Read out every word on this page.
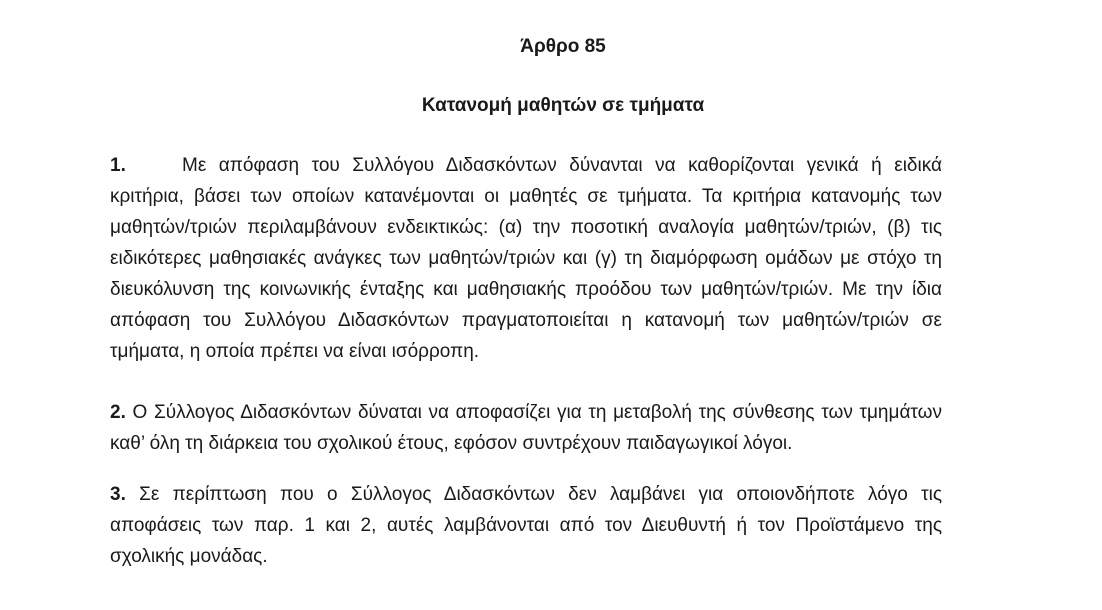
Άρθρο 85
Κατανομή μαθητών σε τμήματα

1.	Με απόφαση του Συλλόγου Διδασκόντων δύνανται να καθορίζονται γενικά ή ειδικά κριτήρια, βάσει των οποίων κατανέμονται οι μαθητές σε τμήματα. Τα κριτήρια κατανομής των μαθητών/τριών περιλαμβάνουν ενδεικτικώς: (α) την ποσοτική αναλογία μαθητών/τριών, (β) τις ειδικότερες μαθησιακές ανάγκες των μαθητών/τριών και (γ) τη διαμόρφωση ομάδων με στόχο τη διευκόλυνση της κοινωνικής ένταξης και μαθησιακής προόδου των μαθητών/τριών. Με την ίδια απόφαση του Συλλόγου Διδασκόντων πραγματοποιείται η κατανομή των μαθητών/τριών σε τμήματα, η οποία πρέπει να είναι ισόρροπη.

2. Ο Σύλλογος Διδασκόντων δύναται να αποφασίζει για τη μεταβολή της σύνθεσης των τμημάτων καθ’ όλη τη διάρκεια του σχολικού έτους, εφόσον συντρέχουν παιδαγωγικοί λόγοι.

3. Σε περίπτωση που ο Σύλλογος Διδασκόντων δεν λαμβάνει για οποιονδήποτε λόγο τις αποφάσεις των παρ. 1 και 2, αυτές λαμβάνονται από τον Διευθυντή ή τον Προϊστάμενο της σχολικής μονάδας.
